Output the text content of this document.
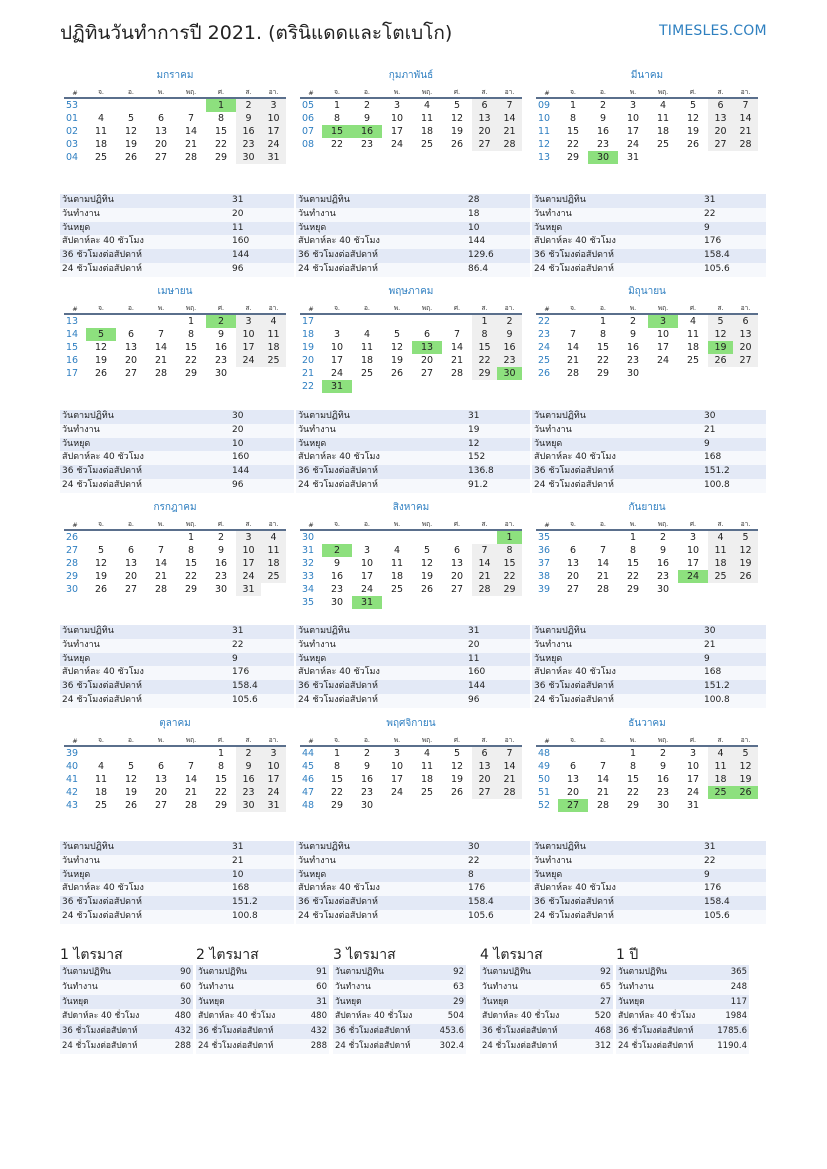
ปฏิทินวันทำการปี 2021. (ตรินิแดดและโตเบโก)	TIMESLES.COM
มกราคม
#	จ.	อ.	พ.	พฤ.	ศ.	ส.	อา.
53					1	2	3
01	4	5	6	7	8	9	10
02	11	12	13	14	15	16	17
03	18	19	20	21	22	23	24
04	25	26	27	28	29	30	31
วันตามปฏิทิน	31
วันทำงาน	20
วันหยุด	11
สัปดาห์ละ 40 ชั่วโมง	160
36 ชั่วโมงต่อสัปดาห์	144
24 ชั่วโมงต่อสัปดาห์	96
กุมภาพันธ์
#	จ.	อ.	พ.	พฤ.	ศ.	ส.	อา.
05	1	2	3	4	5	6	7
06	8	9	10	11	12	13	14
07	15	16	17	18	19	20	21
08	22	23	24	25	26	27	28
วันตามปฏิทิน	28
วันทำงาน	18
วันหยุด	10
สัปดาห์ละ 40 ชั่วโมง	144
36 ชั่วโมงต่อสัปดาห์	129.6
24 ชั่วโมงต่อสัปดาห์	86.4
มีนาคม
#	จ.	อ.	พ.	พฤ.	ศ.	ส.	อา.
09	1	2	3	4	5	6	7
10	8	9	10	11	12	13	14
11	15	16	17	18	19	20	21
12	22	23	24	25	26	27	28
13	29	30	31				
วันตามปฏิทิน	31
วันทำงาน	22
วันหยุด	9
สัปดาห์ละ 40 ชั่วโมง	176
36 ชั่วโมงต่อสัปดาห์	158.4
24 ชั่วโมงต่อสัปดาห์	105.6
เมษายน
#	จ.	อ.	พ.	พฤ.	ศ.	ส.	อา.
13				1	2	3	4
14	5	6	7	8	9	10	11
15	12	13	14	15	16	17	18
16	19	20	21	22	23	24	25
17	26	27	28	29	30		
วันตามปฏิทิน	30
วันทำงาน	20
วันหยุด	10
สัปดาห์ละ 40 ชั่วโมง	160
36 ชั่วโมงต่อสัปดาห์	144
24 ชั่วโมงต่อสัปดาห์	96
พฤษภาคม
#	จ.	อ.	พ.	พฤ.	ศ.	ส.	อา.
17						1	2
18	3	4	5	6	7	8	9
19	10	11	12	13	14	15	16
20	17	18	19	20	21	22	23
21	24	25	26	27	28	29	30
22	31						
วันตามปฏิทิน	31
วันทำงาน	19
วันหยุด	12
สัปดาห์ละ 40 ชั่วโมง	152
36 ชั่วโมงต่อสัปดาห์	136.8
24 ชั่วโมงต่อสัปดาห์	91.2
มิถุนายน
#	จ.	อ.	พ.	พฤ.	ศ.	ส.	อา.
22		1	2	3	4	5	6
23	7	8	9	10	11	12	13
24	14	15	16	17	18	19	20
25	21	22	23	24	25	26	27
26	28	29	30				
วันตามปฏิทิน	30
วันทำงาน	21
วันหยุด	9
สัปดาห์ละ 40 ชั่วโมง	168
36 ชั่วโมงต่อสัปดาห์	151.2
24 ชั่วโมงต่อสัปดาห์	100.8
กรกฎาคม
#	จ.	อ.	พ.	พฤ.	ศ.	ส.	อา.
26				1	2	3	4
27	5	6	7	8	9	10	11
28	12	13	14	15	16	17	18
29	19	20	21	22	23	24	25
30	26	27	28	29	30	31	
วันตามปฏิทิน	31
วันทำงาน	22
วันหยุด	9
สัปดาห์ละ 40 ชั่วโมง	176
36 ชั่วโมงต่อสัปดาห์	158.4
24 ชั่วโมงต่อสัปดาห์	105.6
สิงหาคม
#	จ.	อ.	พ.	พฤ.	ศ.	ส.	อา.
30							1
31	2	3	4	5	6	7	8
32	9	10	11	12	13	14	15
33	16	17	18	19	20	21	22
34	23	24	25	26	27	28	29
35	30	31					
วันตามปฏิทิน	31
วันทำงาน	20
วันหยุด	11
สัปดาห์ละ 40 ชั่วโมง	160
36 ชั่วโมงต่อสัปดาห์	144
24 ชั่วโมงต่อสัปดาห์	96
กันยายน
#	จ.	อ.	พ.	พฤ.	ศ.	ส.	อา.
35			1	2	3	4	5
36	6	7	8	9	10	11	12
37	13	14	15	16	17	18	19
38	20	21	22	23	24	25	26
39	27	28	29	30			
วันตามปฏิทิน	30
วันทำงาน	21
วันหยุด	9
สัปดาห์ละ 40 ชั่วโมง	168
36 ชั่วโมงต่อสัปดาห์	151.2
24 ชั่วโมงต่อสัปดาห์	100.8
ตุลาคม
#	จ.	อ.	พ.	พฤ.	ศ.	ส.	อา.
39					1	2	3
40	4	5	6	7	8	9	10
41	11	12	13	14	15	16	17
42	18	19	20	21	22	23	24
43	25	26	27	28	29	30	31
วันตามปฏิทิน	31
วันทำงาน	21
วันหยุด	10
สัปดาห์ละ 40 ชั่วโมง	168
36 ชั่วโมงต่อสัปดาห์	151.2
24 ชั่วโมงต่อสัปดาห์	100.8
พฤศจิกายน
#	จ.	อ.	พ.	พฤ.	ศ.	ส.	อา.
44	1	2	3	4	5	6	7
45	8	9	10	11	12	13	14
46	15	16	17	18	19	20	21
47	22	23	24	25	26	27	28
48	29	30					
วันตามปฏิทิน	30
วันทำงาน	22
วันหยุด	8
สัปดาห์ละ 40 ชั่วโมง	176
36 ชั่วโมงต่อสัปดาห์	158.4
24 ชั่วโมงต่อสัปดาห์	105.6
ธันวาคม
#	จ.	อ.	พ.	พฤ.	ศ.	ส.	อา.
48			1	2	3	4	5
49	6	7	8	9	10	11	12
50	13	14	15	16	17	18	19
51	20	21	22	23	24	25	26
52	27	28	29	30	31		
วันตามปฏิทิน	31
วันทำงาน	22
วันหยุด	9
สัปดาห์ละ 40 ชั่วโมง	176
36 ชั่วโมงต่อสัปดาห์	158.4
24 ชั่วโมงต่อสัปดาห์	105.6
1 ไตรมาส
วันตามปฏิทิน	90
วันทำงาน	60
วันหยุด	30
สัปดาห์ละ 40 ชั่วโมง	480
36 ชั่วโมงต่อสัปดาห์	432
24 ชั่วโมงต่อสัปดาห์	288
2 ไตรมาส
วันตามปฏิทิน	91
วันทำงาน	60
วันหยุด	31
สัปดาห์ละ 40 ชั่วโมง	480
36 ชั่วโมงต่อสัปดาห์	432
24 ชั่วโมงต่อสัปดาห์	288
3 ไตรมาส
วันตามปฏิทิน	92
วันทำงาน	63
วันหยุด	29
สัปดาห์ละ 40 ชั่วโมง	504
36 ชั่วโมงต่อสัปดาห์	453.6
24 ชั่วโมงต่อสัปดาห์	302.4
4 ไตรมาส
วันตามปฏิทิน	92
วันทำงาน	65
วันหยุด	27
สัปดาห์ละ 40 ชั่วโมง	520
36 ชั่วโมงต่อสัปดาห์	468
24 ชั่วโมงต่อสัปดาห์	312
1 ปี
วันตามปฏิทิน	365
วันทำงาน	248
วันหยุด	117
สัปดาห์ละ 40 ชั่วโมง	1984
36 ชั่วโมงต่อสัปดาห์	1785.6
24 ชั่วโมงต่อสัปดาห์	1190.4
